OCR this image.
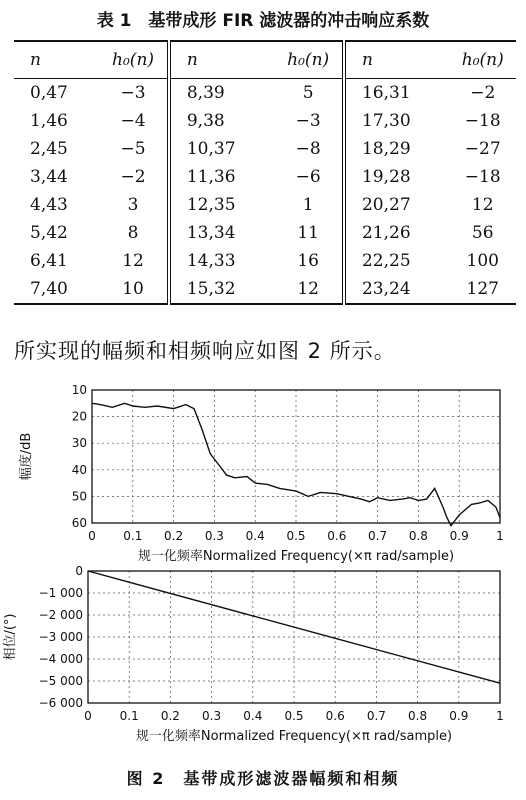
表 1　基带成形 FIR 滤波器的冲击响应系数
n	h₀(n)	n	h₀(n)	n	h₀(n)
0,47	−3	8,39	5	16,31	−2
1,46	−4	9,38	−3	17,30	−18
2,45	−5	10,37	−8	18,29	−27
3,44	−2	11,36	−6	19,28	−18
4,43	3	12,35	1	20,27	12
5,42	8	13,34	11	21,26	56
6,41	12	14,33	16	22,25	100
7,40	10	15,32	12	23,24	127
所实现的幅频和相频响应如图 2 所示。
0 0.1 0.2 0.3 0.4 0.5 0.6 0.7 0.8 0.9 1
10
20
30
40
50
60
规一化频率Normalized Frequency(×π rad/sample)
幅度/dB
0 0.1 0.2 0.3 0.4 0.5 0.6 0.7 0.8 0.9 1
0
−1 000
−2 000
−3 000
−4 000
−5 000
−6 000
规一化频率Normalized Frequency(×π rad/sample)
相位/(°)
图 2　基带成形滤波器幅频和相频
